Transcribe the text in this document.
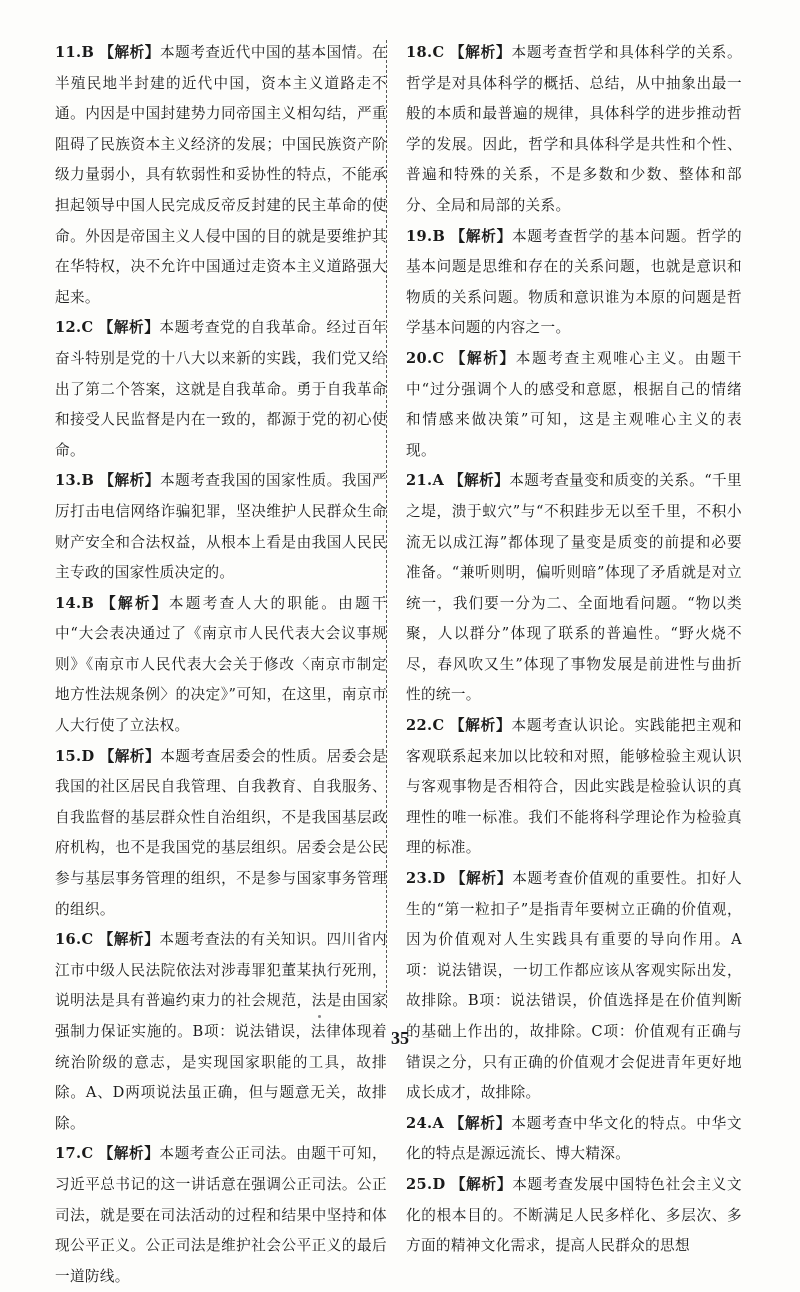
11.B 【解析】本题考查近代中国的基本国情。在半殖民地半封建的近代中国，资本主义道路走不通。内因是中国封建势力同帝国主义相勾结，严重阻碍了民族资本主义经济的发展；中国民族资产阶级力量弱小，具有软弱性和妥协性的特点，不能承担起领导中国人民完成反帝反封建的民主革命的使命。外因是帝国主义人侵中国的目的就是要维护其在华特权，决不允许中国通过走资本主义道路强大起来。

12.C 【解析】本题考查党的自我革命。经过百年奋斗特别是党的十八大以来新的实践，我们党又给出了第二个答案，这就是自我革命。勇于自我革命和接受人民监督是内在一致的，都源于党的初心使命。

13.B 【解析】本题考查我国的国家性质。我国严厉打击电信网络诈骗犯罪，坚决维护人民群众生命财产安全和合法权益，从根本上看是由我国人民民主专政的国家性质决定的。

14.B 【解析】本题考查人大的职能。由题干中“大会表决通过了《南京市人民代表大会议事规则》《南京市人民代表大会关于修改〈南京市制定地方性法规条例〉的决定》”可知，在这里，南京市人大行使了立法权。

15.D 【解析】本题考查居委会的性质。居委会是我国的社区居民自我管理、自我教育、自我服务、自我监督的基层群众性自治组织，不是我国基层政府机构，也不是我国党的基层组织。居委会是公民参与基层事务管理的组织，不是参与国家事务管理的组织。

16.C 【解析】本题考查法的有关知识。四川省内江市中级人民法院依法对涉毒罪犯董某执行死刑，说明法是具有普遍约束力的社会规范，法是由国家强制力保证实施的。B项：说法错误，法律体现着统治阶级的意志，是实现国家职能的工具，故排除。A、D两项说法虽正确，但与题意无关，故排除。

17.C 【解析】本题考查公正司法。由题干可知，习近平总书记的这一讲话意在强调公正司法。公正司法，就是要在司法活动的过程和结果中坚持和体现公平正义。公正司法是维护社会公平正义的最后一道防线。

18.C 【解析】本题考查哲学和具体科学的关系。哲学是对具体科学的概括、总结，从中抽象出最一般的本质和最普遍的规律，具体科学的进步推动哲学的发展。因此，哲学和具体科学是共性和个性、普遍和特殊的关系，不是多数和少数、整体和部分、全局和局部的关系。

19.B 【解析】本题考查哲学的基本问题。哲学的基本问题是思维和存在的关系问题，也就是意识和物质的关系问题。物质和意识谁为本原的问题是哲学基本问题的内容之一。

20.C 【解析】本题考查主观唯心主义。由题干中“过分强调个人的感受和意愿，根据自己的情绪和情感来做决策”可知，这是主观唯心主义的表现。

21.A 【解析】本题考查量变和质变的关系。“千里之堤，溃于蚁穴”与“不积跬步无以至千里，不积小流无以成江海”都体现了量变是质变的前提和必要准备。“兼听则明，偏听则暗”体现了矛盾就是对立统一，我们要一分为二、全面地看问题。“物以类聚，人以群分”体现了联系的普遍性。“野火烧不尽，春风吹又生”体现了事物发展是前进性与曲折性的统一。

22.C 【解析】本题考查认识论。实践能把主观和客观联系起来加以比较和对照，能够检验主观认识与客观事物是否相符合，因此实践是检验认识的真理性的唯一标准。我们不能将科学理论作为检验真理的标准。

23.D 【解析】本题考查价值观的重要性。扣好人生的“第一粒扣子”是指青年要树立正确的价值观，因为价值观对人生实践具有重要的导向作用。A项：说法错误，一切工作都应该从客观实际出发，故排除。B项：说法错误，价值选择是在价值判断的基础上作出的，故排除。C项：价值观有正确与错误之分，只有正确的价值观才会促进青年更好地成长成才，故排除。

24.A 【解析】本题考查中华文化的特点。中华文化的特点是源远流长、博大精深。

25.D 【解析】本题考查发展中国特色社会主义文化的根本目的。不断满足人民多样化、多层次、多方面的精神文化需求，提高人民群众的思想

35
